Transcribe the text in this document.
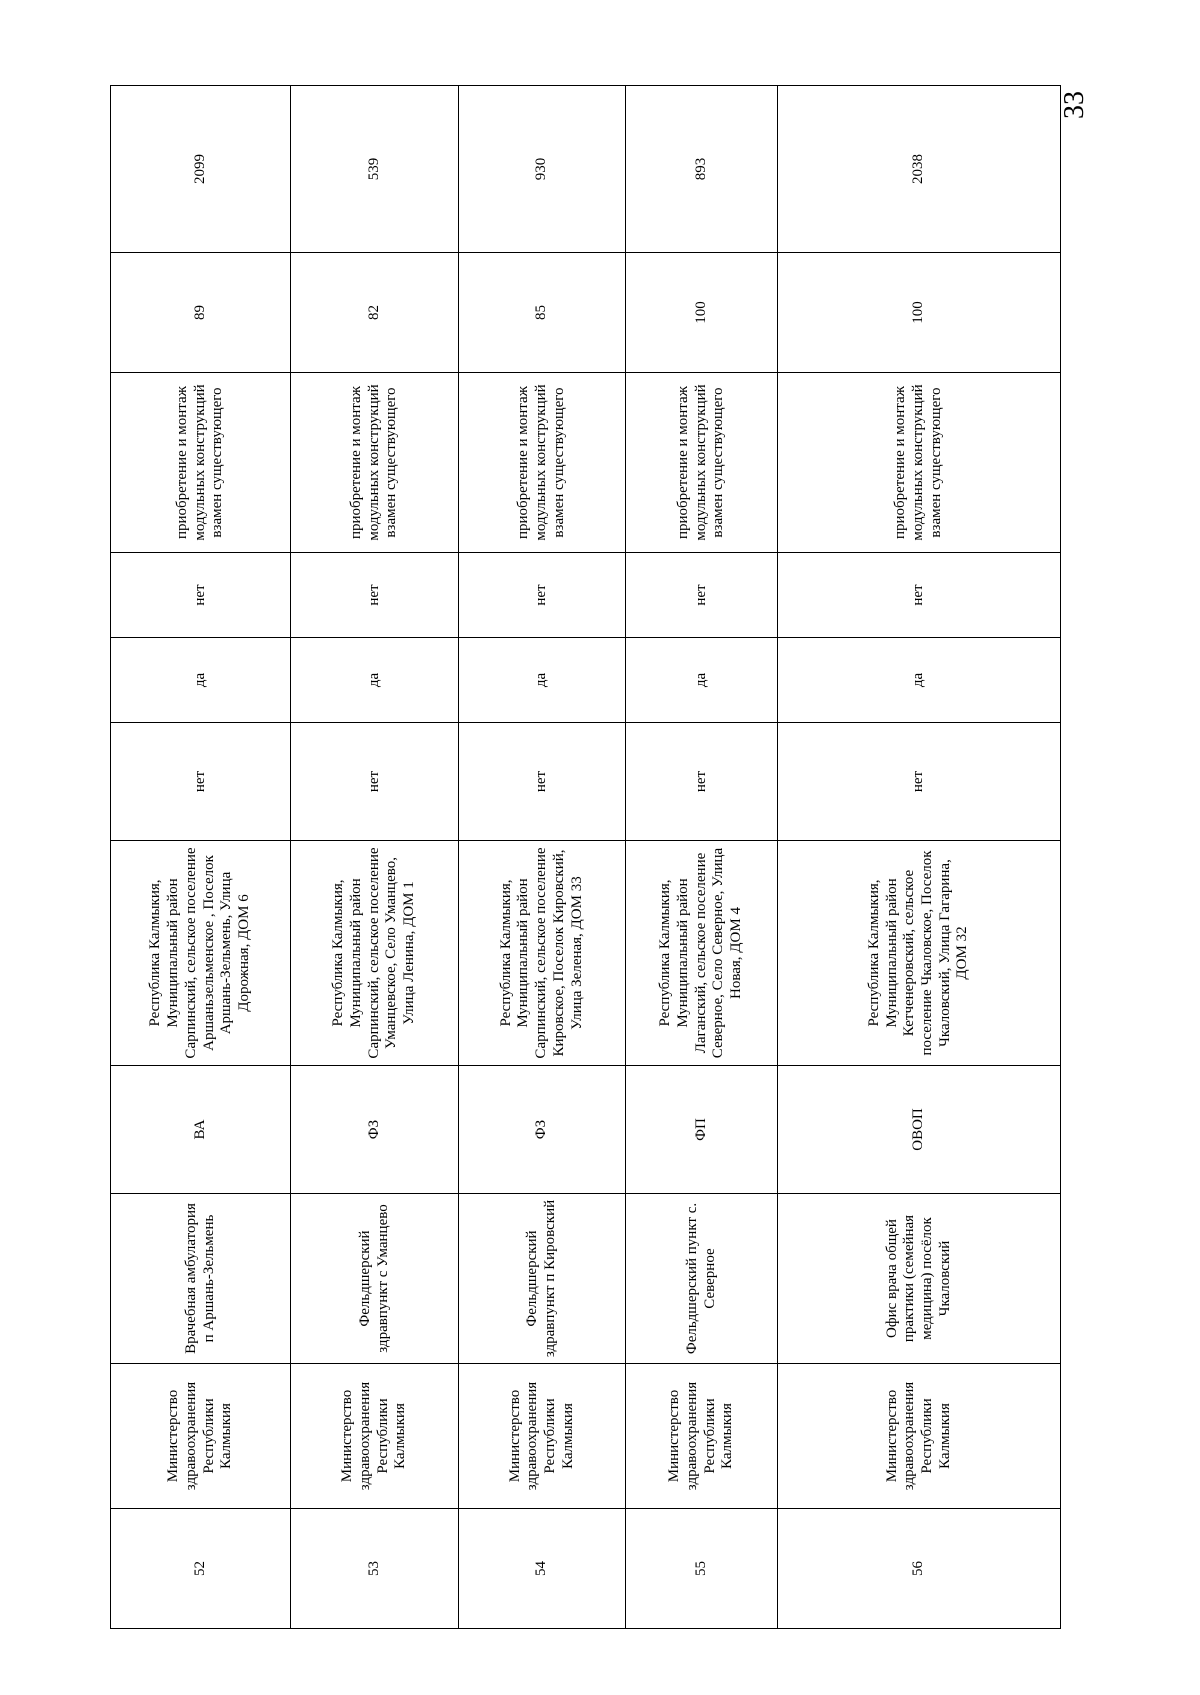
33
52	Министерство здравоохранения Республики Калмыкия	Врачебная амбулатория п Аршань-Зельмень	ВА	Республика Калмыкия, Муниципальный район Сарпинский, сельское поселение Аршаньзельменское , Поселок Аршань-Зельмень, Улица Дорожная, ДОМ 6	нет	да	нет	приобретение и монтаж модульных конструкций взамен существующего	89	2099
53	Министерство здравоохранения Республики Калмыкия	Фельдшерский здравпункт с Уманцево	ФЗ	Республика Калмыкия, Муниципальный район Сарпинский, сельское поселение Уманцевское, Село Уманцево, Улица Ленина, ДОМ 1	нет	да	нет	приобретение и монтаж модульных конструкций взамен существующего	82	539
54	Министерство здравоохранения Республики Калмыкия	Фельдшерский здравпункт п Кировский	ФЗ	Республика Калмыкия, Муниципальный район Сарпинский, сельское поселение Кировское, Поселок Кировский, Улица Зеленая, ДОМ 33	нет	да	нет	приобретение и монтаж модульных конструкций взамен существующего	85	930
55	Министерство здравоохранения Республики Калмыкия	Фельдшерский пункт с. Северное	ФП	Республика Калмыкия, Муниципальный район Лаганский, сельское поселение Северное, Село Северное, Улица Новая, ДОМ 4	нет	да	нет	приобретение и монтаж модульных конструкций взамен существующего	100	893
56	Министерство здравоохранения Республики Калмыкия	Офис врача общей практики (семейная медицина) посёлок Чкаловский	ОВОП	Республика Калмыкия, Муниципальный район Кетченеровский, сельское поселение Чкаловское, Поселок Чкаловский, Улица Гагарина, ДОМ 32	нет	да	нет	приобретение и монтаж модульных конструкций взамен существующего	100	2038
